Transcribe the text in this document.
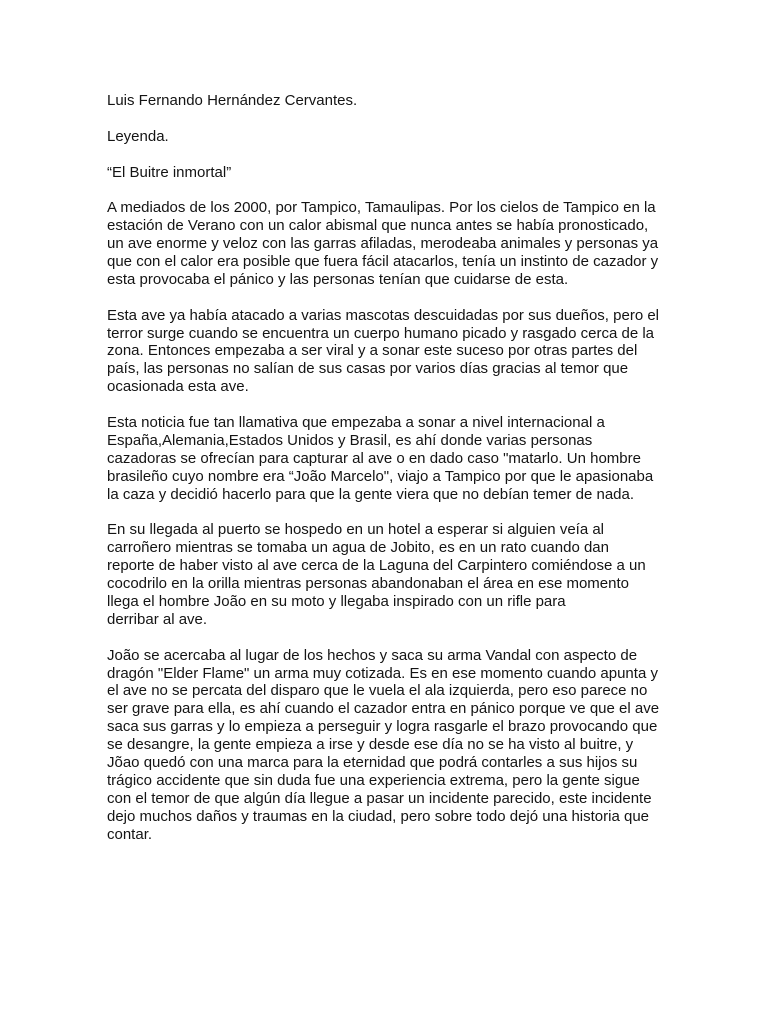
Luis Fernando Hernández Cervantes.
Leyenda.
“El Buitre inmortal”
A mediados de los 2000, por Tampico, Tamaulipas. Por los cielos de Tampico en la
estación de Verano con un calor abismal que nunca antes se había pronosticado,
un ave enorme y veloz con las garras afiladas, merodeaba animales y personas ya
que con el calor era posible que fuera fácil atacarlos, tenía un instinto de cazador y
esta provocaba el pánico y las personas tenían que cuidarse de esta.
Esta ave ya había atacado a varias mascotas descuidadas por sus dueños, pero el
terror surge cuando se encuentra un cuerpo humano picado y rasgado cerca de la
zona. Entonces empezaba a ser viral y a sonar este suceso por otras partes del
país, las personas no salían de sus casas por varios días gracias al temor que
ocasionada esta ave.
Esta noticia fue tan llamativa que empezaba a sonar a nivel internacional a
España,Alemania,Estados Unidos y Brasil, es ahí donde varias personas
cazadoras se ofrecían para capturar al ave o en dado caso "matarlo. Un hombre
brasileño cuyo nombre era “João Marcelo", viajo a Tampico por que le apasionaba
la caza y decidió hacerlo para que la gente viera que no debían temer de nada.
En su llegada al puerto se hospedo en un hotel a esperar si alguien veía al
carroñero mientras se tomaba un agua de Jobito, es en un rato cuando dan
reporte de haber visto al ave cerca de la Laguna del Carpintero comiéndose a un
cocodrilo en la orilla mientras personas abandonaban el área en ese momento
llega el hombre João en su moto y llegaba inspirado con un rifle para
derribar al ave.
João se acercaba al lugar de los hechos y saca su arma Vandal con aspecto de
dragón "Elder Flame" un arma muy cotizada. Es en ese momento cuando apunta y
el ave no se percata del disparo que le vuela el ala izquierda, pero eso parece no
ser grave para ella, es ahí cuando el cazador entra en pánico porque ve que el ave
saca sus garras y lo empieza a perseguir y logra rasgarle el brazo provocando que
se desangre, la gente empieza a irse y desde ese día no se ha visto al buitre, y
Jõao quedó con una marca para la eternidad que podrá contarles a sus hijos su
trágico accidente que sin duda fue una experiencia extrema, pero la gente sigue
con el temor de que algún día llegue a pasar un incidente parecido, este incidente
dejo muchos daños y traumas en la ciudad, pero sobre todo dejó una historia que
contar.
